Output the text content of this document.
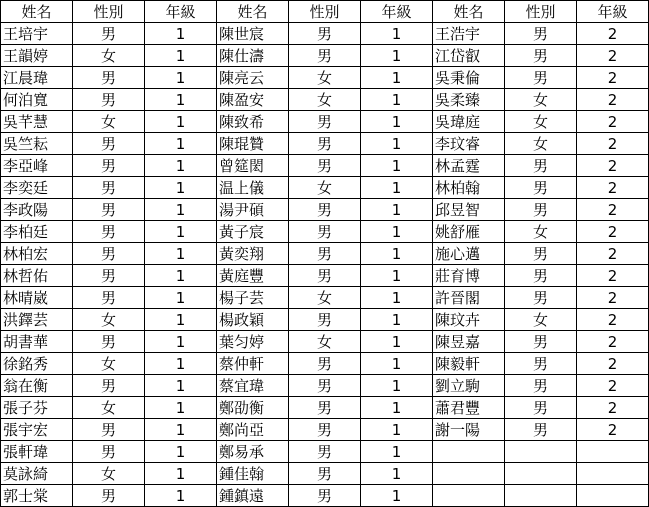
姓名	性別	年級	姓名	性別	年級	姓名	性別	年級
王培宇	男	1	陳世宸	男	1	王浩宇	男	2
王韻婷	女	1	陳仕濤	男	1	江岱叡	男	2
江晨瑋	男	1	陳亮云	女	1	吳秉倫	男	2
何泊寬	男	1	陳盈安	女	1	吳柔臻	女	2
吳芊慧	女	1	陳致希	男	1	吳瑋庭	女	2
吳竺耘	男	1	陳琨贊	男	1	李玟睿	女	2
李亞峰	男	1	曾筵閎	男	1	林孟霆	男	2
李奕廷	男	1	温上儀	女	1	林柏翰	男	2
李政陽	男	1	湯尹碩	男	1	邱昱智	男	2
李柏廷	男	1	黃子宸	男	1	姚舒雁	女	2
林柏宏	男	1	黃奕翔	男	1	施心邁	男	2
林哲佑	男	1	黃庭豐	男	1	莊育博	男	2
林晴崴	男	1	楊子芸	女	1	許晉閣	男	2
洪鐸芸	女	1	楊政穎	男	1	陳玟卉	女	2
胡書華	男	1	葉匀婷	女	1	陳昱嘉	男	2
徐銘秀	女	1	蔡仲軒	男	1	陳毅軒	男	2
翁在衡	男	1	蔡宜瑋	男	1	劉立駒	男	2
張子芬	女	1	鄭劭衡	男	1	蕭君豐	男	2
張宇宏	男	1	鄭尚亞	男	1	謝一陽	男	2
張軒瑋	男	1	鄭易承	男	1			
莫詠綺	女	1	鍾佳翰	男	1			
郭士棠	男	1	鍾鎮遠	男	1			
